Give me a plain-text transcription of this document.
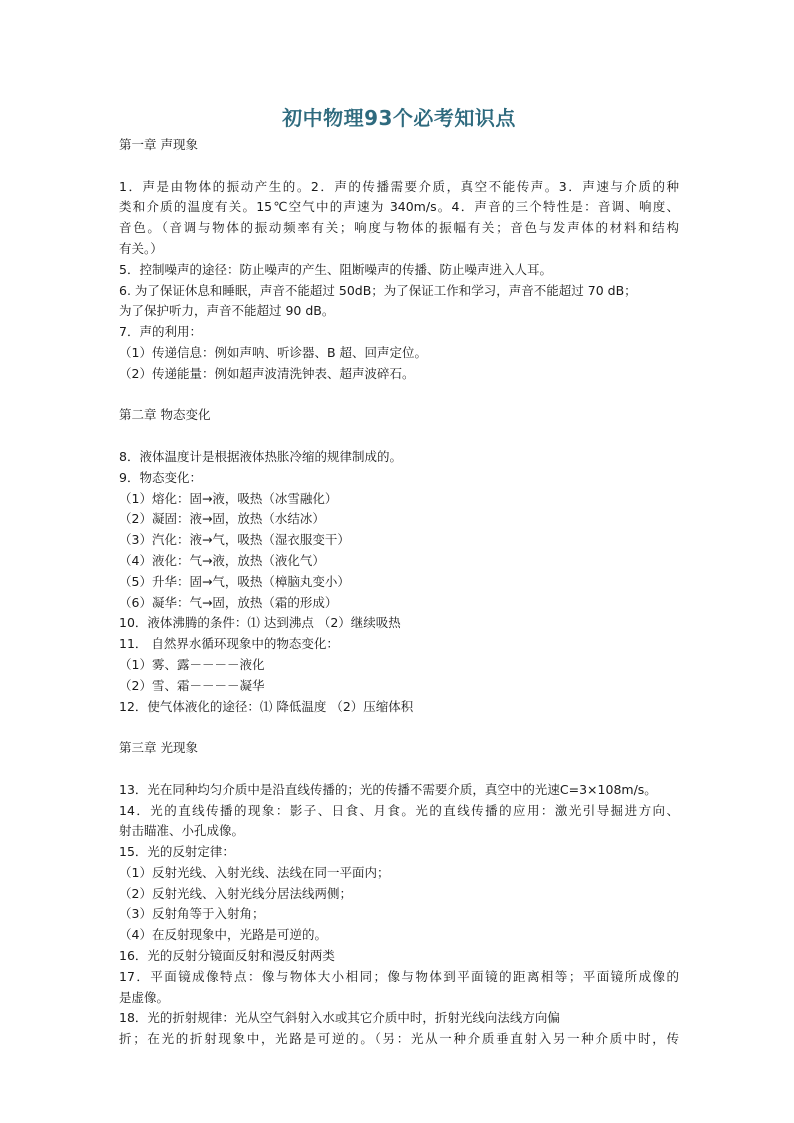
初中物理93个必考知识点
第一章 声现象
1．声是由物体的振动产生的。2．声的传播需要介质，真空不能传声。3．声速与介质的种
类和介质的温度有关。15℃空气中的声速为 340m/s。4．声音的三个特性是：音调、响度、
音色。（音调与物体的振动频率有关；响度与物体的振幅有关；音色与发声体的材料和结构
有关。）
5．控制噪声的途径：防止噪声的产生、阻断噪声的传播、防止噪声进入人耳。
6. 为了保证休息和睡眠，声音不能超过 50dB；为了保证工作和学习，声音不能超过 70 dB；
为了保护听力，声音不能超过 90 dB。
7．声的利用：
（1）传递信息：例如声呐、听诊器、B 超、回声定位。
（2）传递能量：例如超声波清洗钟表、超声波碎石。
第二章 物态变化
8．液体温度计是根据液体热胀冷缩的规律制成的。
9．物态变化：
（1）熔化：固→液，吸热（冰雪融化）
（2）凝固：液→固，放热（水结冰）
（3）汽化：液→气，吸热（湿衣服变干）
（4）液化：气→液，放热（液化气）
（5）升华：固→气，吸热（樟脑丸变小）
（6）凝华：气→固，放热（霜的形成）
10．液体沸腾的条件：⑴ 达到沸点 （2）继续吸热
11． 自然界水循环现象中的物态变化：
（1）雾、露－－－－液化
（2）雪、霜－－－－凝华
12．使气体液化的途径：⑴ 降低温度 （2）压缩体积
第三章 光现象
13．光在同种均匀介质中是沿直线传播的；光的传播不需要介质，真空中的光速C=3×108m/s。
14．光的直线传播的现象：影子、日食、月食。光的直线传播的应用：激光引导掘进方向、
射击瞄准、小孔成像。
15．光的反射定律：
（1）反射光线、入射光线、法线在同一平面内；
（2）反射光线、入射光线分居法线两侧；
（3）反射角等于入射角；
（4）在反射现象中，光路是可逆的。
16．光的反射分镜面反射和漫反射两类
17．平面镜成像特点：像与物体大小相同；像与物体到平面镜的距离相等；平面镜所成像的
是虚像。
18．光的折射规律：光从空气斜射入水或其它介质中时，折射光线向法线方向偏
折；在光的折射现象中，光路是可逆的。（另：光从一种介质垂直射入另一种介质中时，传
